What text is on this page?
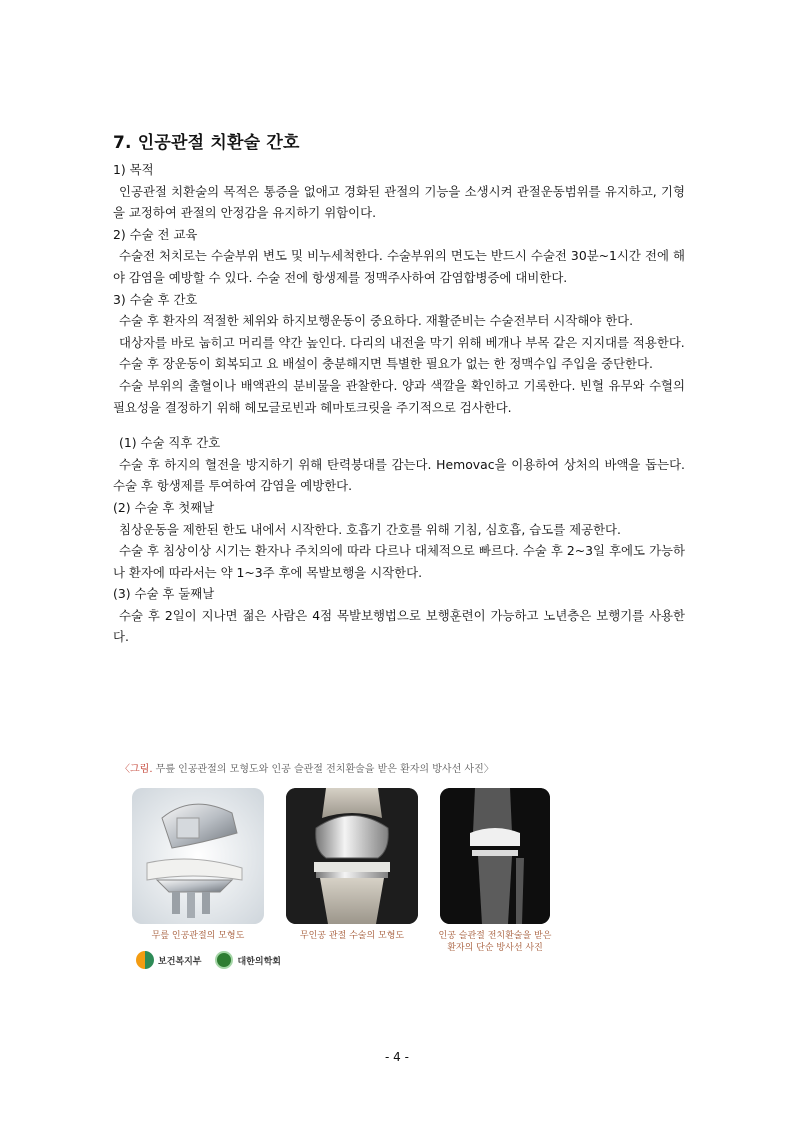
7. 인공관절 치환술 간호

1) 목적

인공관절 치환술의 목적은 통증을 없애고 경화된 관절의 기능을 소생시켜 관절운동범위를 유지하고, 기형을 교정하여 관절의 안정감을 유지하기 위함이다.

2) 수술 전 교육

수술전 처치로는 수술부위 변도 및 비누세척한다. 수술부위의 면도는 반드시 수술전 30분~1시간 전에 해야 감염을 예방할 수 있다. 수술 전에 항생제를 정맥주사하여 감염합병증에 대비한다.

3) 수술 후 간호

수술 후 환자의 적절한 체위와 하지보행운동이 중요하다. 재활준비는 수술전부터 시작해야 한다.

대상자를 바로 눕히고 머리를 약간 높인다. 다리의 내전을 막기 위해 베개나 부목 같은 지지대를 적용한다.

수술 후 장운동이 회복되고 요 배설이 충분해지면 특별한 필요가 없는 한 정맥수입 주입을 중단한다.

수술 부위의 출혈이나 배액관의 분비물을 관찰한다. 양과 색깔을 확인하고 기록한다. 빈혈 유무와 수혈의 필요성을 결정하기 위해 헤모글로빈과 헤마토크릿을 주기적으로 검사한다.

(1) 수술 직후 간호

수술 후 하지의 혈전을 방지하기 위해 탄력붕대를 감는다. Hemovac을 이용하여 상처의 바액을 돕는다. 수술 후 항생제를 투여하여 감염을 예방한다.

(2) 수술 후 첫째날

침상운동을 제한된 한도 내에서 시작한다. 호흡기 간호를 위해 기침, 심호흡, 습도를 제공한다.

수술 후 침상이상 시기는 환자나 주치의에 따라 다르나 대체적으로 빠르다. 수술 후 2~3일 후에도 가능하나 환자에 따라서는 약 1~3주 후에 목발보행을 시작한다.

(3) 수술 후 둘째날

수술 후 2일이 지나면 젊은 사람은 4점 목발보행법으로 보행훈련이 가능하고 노년층은 보행기를 사용한다.

〈그림. 무릎 인공관절의 모형도와 인공 슬관절 전치환술을 받은 환자의 방사선 사진〉
무릎 인공관절의 모형도	무인공 관절 수술의 모형도	인공 슬관절 전치환술을 받은 환자의 단순 방사선 사진
보건복지부	대한의학회
- 4 -
